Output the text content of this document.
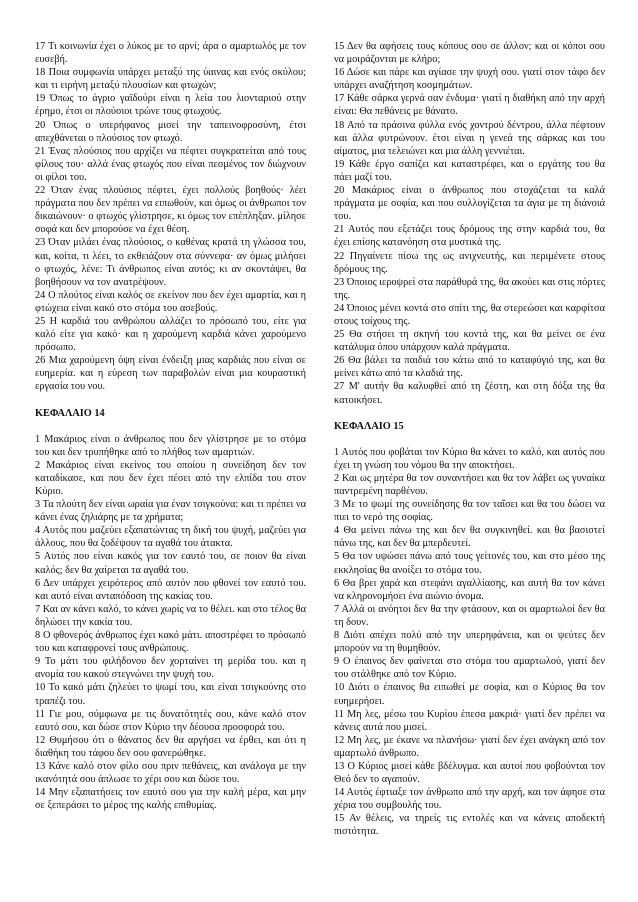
17 Τι κοινωνία έχει ο λύκος με το αρνί; άρα ο αμαρτωλός με τον ευσεβή.

18 Ποια συμφωνία υπάρχει μεταξύ της ύαινας και ενός σκύλου; και τι ειρήνη μεταξύ πλουσίων και φτωχών;

19 Όπως το άγριο γαϊδούρι είναι η λεία του λιονταριού στην έρημο, έτσι οι πλούσιοι τρώνε τους φτωχούς.

20 Όπως ο υπερήφανος μισεί την ταπεινοφροσύνη, έτσι απεχθάνεται ο πλούσιος τον φτωχό.

21 Ένας πλούσιος που αρχίζει να πέφτει συγκρατείται από τους φίλους του· αλλά ένας φτωχός που είναι πεσμένος τον διώχνουν οι φίλοι του.

22 Όταν ένας πλούσιος πέφτει, έχει πολλούς βοηθούς· λέει πράγματα που δεν πρέπει να ειπωθούν, και όμως οι άνθρωποι τον δικαιώνουν· ο φτωχός γλίστρησε, κι όμως τον επέπληξαν. μίλησε σοφά και δεν μπορούσε να έχει θέση.

23 Όταν μιλάει ένας πλούσιος, ο καθένας κρατά τη γλώσσα του, και, κοίτα, τι λέει, το εκθειάζουν στα σύννεφα· αν όμως μιλήσει ο φτωχός, λένε: Τι άνθρωπος είναι αυτός; κι αν σκοντάψει, θα βοηθήσουν να τον ανατρέψουν.

24 Ο πλούτος είναι καλός σε εκείνον που δεν έχει αμαρτία, και η φτώχεια είναι κακό στο στόμα του ασεβούς.

25 Η καρδιά του ανθρώπου αλλάζει το πρόσωπό του, είτε για καλό είτε για κακό· και η χαρούμενη καρδιά κάνει χαρούμενο πρόσωπο.

26 Μια χαρούμενη όψη είναι ένδειξη μιας καρδιάς που είναι σε ευημερία. και η εύρεση των παραβολών είναι μια κουραστική εργασία του νου.

ΚΕΦΑΛΑΙΟ 14

1 Μακάριος είναι ο άνθρωπος που δεν γλίστρησε με το στόμα του και δεν τρυπήθηκε από το πλήθος των αμαρτιών.

2 Μακάριος είναι εκείνος του οποίου η συνείδηση δεν τον καταδίκασε, και που δεν έχει πέσει από την ελπίδα του στον Κύριο.

3 Τα πλούτη δεν είναι ωραία για έναν τσιγκούνα: και τι πρέπει να κάνει ένας ζηλιάρης με τα χρήματα;

4 Αυτός που μαζεύει εξαπατώντας τη δική του ψυχή, μαζεύει για άλλους, που θα ξοδέψουν τα αγαθά του άτακτα.

5 Αυτός που είναι κακός για τον εαυτό του, σε ποιον θα είναι καλός; δεν θα χαίρεται τα αγαθά του.

6 Δεν υπάρχει χειρότερος από αυτόν που φθονεί τον εαυτό του. και αυτό είναι ανταπόδοση της κακίας του.

7 Και αν κάνει καλό, το κάνει χωρίς να το θέλει. και στο τέλος θα δηλώσει την κακία του.

8 Ο φθονερός άνθρωπος έχει κακό μάτι. αποστρέφει το πρόσωπό του και καταφρονεί τους ανθρώπους.

9 Το μάτι του φιλήδονου δεν χορταίνει τη μερίδα του. και η ανομία του κακού στεγνώνει την ψυχή του.

10 Το κακό μάτι ζηλεύει το ψωμί του, και είναι τσιγκούνης στο τραπέζι του.

11 Γιε μου, σύμφωνα με τις δυνατότητές σου, κάνε καλό στον εαυτό σου, και δώσε στον Κύριο την δέουσα προσφορά του.

12 Θυμήσου ότι ο θάνατος δεν θα αργήσει να έρθει, και ότι η διαθήκη του τάφου δεν σου φανερώθηκε.

13 Κάνε καλό στον φίλο σου πριν πεθάνεις, και ανάλογα με την ικανότητά σου άπλωσε το χέρι σου και δώσε του.

14 Μην εξαπατήσεις τον εαυτό σου για την καλή μέρα, και μην σε ξεπεράσει το μέρος της καλής επιθυμίας.

15 Δεν θα αφήσεις τους κόπους σου σε άλλον; και οι κόποι σου να μοιράζονται με κλήρο;

16 Δώσε και πάρε και αγίασε την ψυχή σου. γιατί στον τάφο δεν υπάρχει αναζήτηση κοσμημάτων.

17 Κάθε σάρκα γερνά σαν ένδυμα· γιατί η διαθήκη από την αρχή είναι: Θα πεθάνεις με θάνατο.

18 Από τα πράσινα φύλλα ενός χοντρού δέντρου, άλλα πέφτουν και άλλα φυτρώνουν. έτσι είναι η γενεά της σάρκας και του αίματος, μια τελειώνει και μια άλλη γεννιέται.

19 Κάθε έργο σαπίζει και καταστρέφει, και ο εργάτης του θα πάει μαζί του.

20 Μακάριος είναι ο άνθρωπος που στοχάζεται τα καλά πράγματα με σοφία, και που συλλογίζεται τα άγια με τη διάνοιά του.

21 Αυτός που εξετάζει τους δρόμους της στην καρδιά του, θα έχει επίσης κατανόηση στα μυστικά της.

22 Πηγαίνετε πίσω της ως ανιχνευτής, και περιμένετε στους δρόμους της.

23 Όποιος ιεροψρεί στα παράθυρά της, θα ακούει και στις πόρτες της.

24 Όποιος μένει κοντά στο σπίτι της, θα στερεώσει και καρφίτσα στους τοίχους της.

25 Θα στήσει τη σκηνή του κοντά της, και θα μείνει σε ένα κατάλυμα όπου υπάρχουν καλά πράγματα.

26 Θα βάλει τα παιδιά του κάτω από το καταφύγιό της, και θα μείνει κάτω από τα κλαδιά της.

27 Μ' αυτήν θα καλυφθεί από τη ζέστη, και στη δόξα της θα κατοικήσει.

ΚΕΦΑΛΑΙΟ 15

1 Αυτός που φοβάται τον Κύριο θα κάνει το καλό, και αυτός που έχει τη γνώση του νόμου θα την αποκτήσει.

2 Και ως μητέρα θα τον συναντήσει και θα τον λάβει ως γυναίκα παντρεμένη παρθένου.

3 Με το ψωμί της συνείδησης θα τον ταΐσει και θα του δώσει να πιει το νερό της σοφίας.

4 Θα μείνει πάνω της και δεν θα συγκινηθεί. και θα βασιστεί πάνω της, και δεν θα μπερδευτεί.

5 Θα τον υψώσει πάνω από τους γείτονές του, και στο μέσο της εκκλησίας θα ανοίξει το στόμα του.

6 Θα βρει χαρά και στεφάνι αγαλλίασης, και αυτή θα τον κάνει να κληρονομήσει ένα αιώνιο όνομα.

7 Αλλά οι ανόητοι δεν θα την φτάσουν, και οι αμαρτωλοί δεν θα τη δουν.

8 Διότι απέχει πολύ από την υπερηφάνεια, και οι ψεύτες δεν μπορούν να τη θυμηθούν.

9 Ο έπαινος δεν φαίνεται στο στόμα του αμαρτωλού, γιατί δεν του στάλθηκε από τον Κύριο.

10 Διότι ο έπαινος θα ειπωθεί με σοφία, και ο Κύριος θα τον ευημερήσει.

11 Μη λες, μέσω του Κυρίου έπεσα μακριά· γιατί δεν πρέπει να κάνεις αυτά που μισεί.

12 Μη λες, με έκανε να πλανήσω· γιατί δεν έχει ανάγκη από τον αμαρτωλό άνθρωπο.

13 Ο Κύριος μισεί κάθε βδέλυγμα. και αυτοί που φοβούνται τον Θεό δεν το αγαπούν.

14 Αυτός έφτιαξε τον άνθρωπο από την αρχή, και τον άφησε στα χέρια του συμβουλής του.

15 Αν θέλεις, να τηρείς τις εντολές και να κάνεις αποδεκτή πιστότητα.
